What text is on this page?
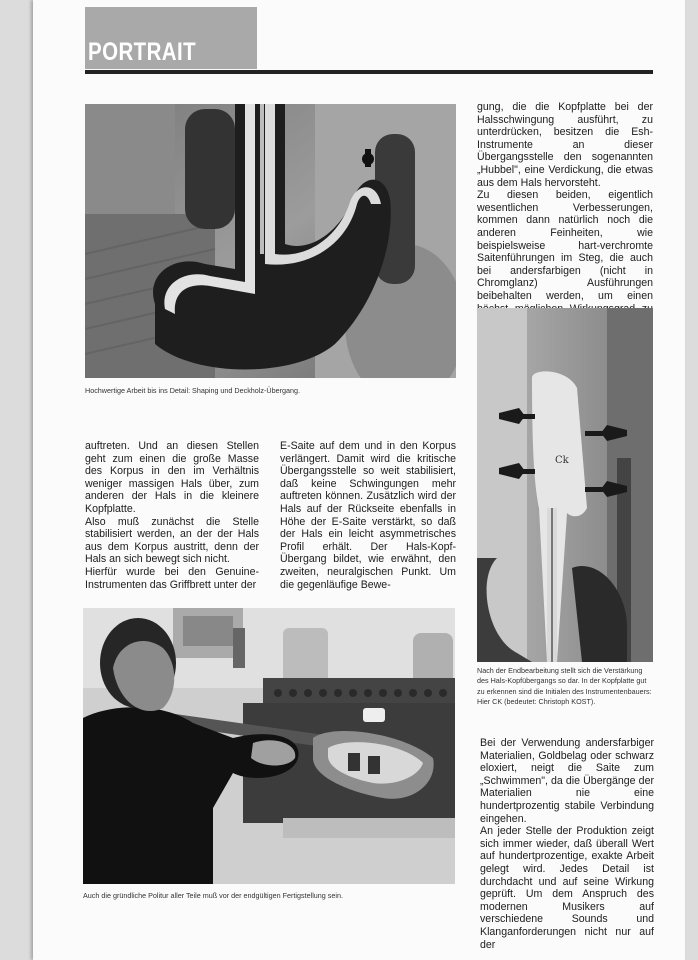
PORTRAIT
Hochwertige Arbeit bis ins Detail: Shaping und Deckholz-Übergang.

gung, die die Kopfplatte bei der Halsschwingung ausführt, zu unterdrücken, besitzen die Esh-Instrumente an dieser Übergangsstelle den sogenannten „Hubbel", eine Verdickung, die etwas aus dem Hals hervorsteht.

Zu diesen beiden, eigentlich wesentlichen Verbesserungen, kommen dann natürlich noch die anderen Feinheiten, wie beispielsweise hart-verchromte Saitenführungen im Steg, die auch bei andersfarbigen (nicht in Chromglanz) Ausführungen beibehalten werden, um einen

Ck
Nach der Endbearbeitung stellt sich die Verstärkung des Hals-Kopfübergangs so dar. In der Kopfplatte gut zu erkennen sind die Initialen des Instrumentenbauers: Hier CK (bedeutet: Christoph KOST).

auftreten. Und an diesen Stellen geht zum einen die große Masse des Korpus in den im Verhältnis weniger massigen Hals über, zum anderen der Hals in die kleinere Kopfplatte.

Also muß zunächst die Stelle stabilisiert werden, an der der Hals aus dem Korpus austritt, denn der Hals an sich bewegt sich nicht.

Hierfür wurde bei den Genuine-Instrumenten das Griffbrett unter der

E-Saite auf dem und in den Korpus verlängert. Damit wird die kritische Übergangsstelle so weit stabilisiert, daß keine Schwingungen mehr auftreten können. Zusätzlich wird der Hals auf der Rückseite ebenfalls in Höhe der E-Saite verstärkt, so daß der Hals ein leicht asymmetrisches Profil erhält. Der Hals-Kopf-Übergang bildet, wie erwähnt, den zweiten, neuralgischen Punkt. Um die gegenläufige Bewe-

Auch die gründliche Politur aller Teile muß vor der endgültigen Fertigstellung sein.

Bei der Verwendung andersfarbiger Materialien, Goldbelag oder schwarz eloxiert, neigt die Saite zum „Schwimmen", da die Übergänge der Materialien nie eine hundertprozentig stabile Verbindung eingehen.

An jeder Stelle der Produktion zeigt sich immer wieder, daß überall Wert auf hundertprozentige, exakte Arbeit gelegt wird. Jedes Detail ist durchdacht und auf seine Wirkung geprüft. Um dem Anspruch des modernen Musikers auf verschiedene Sounds und Klanganforderungen nicht nur auf der
